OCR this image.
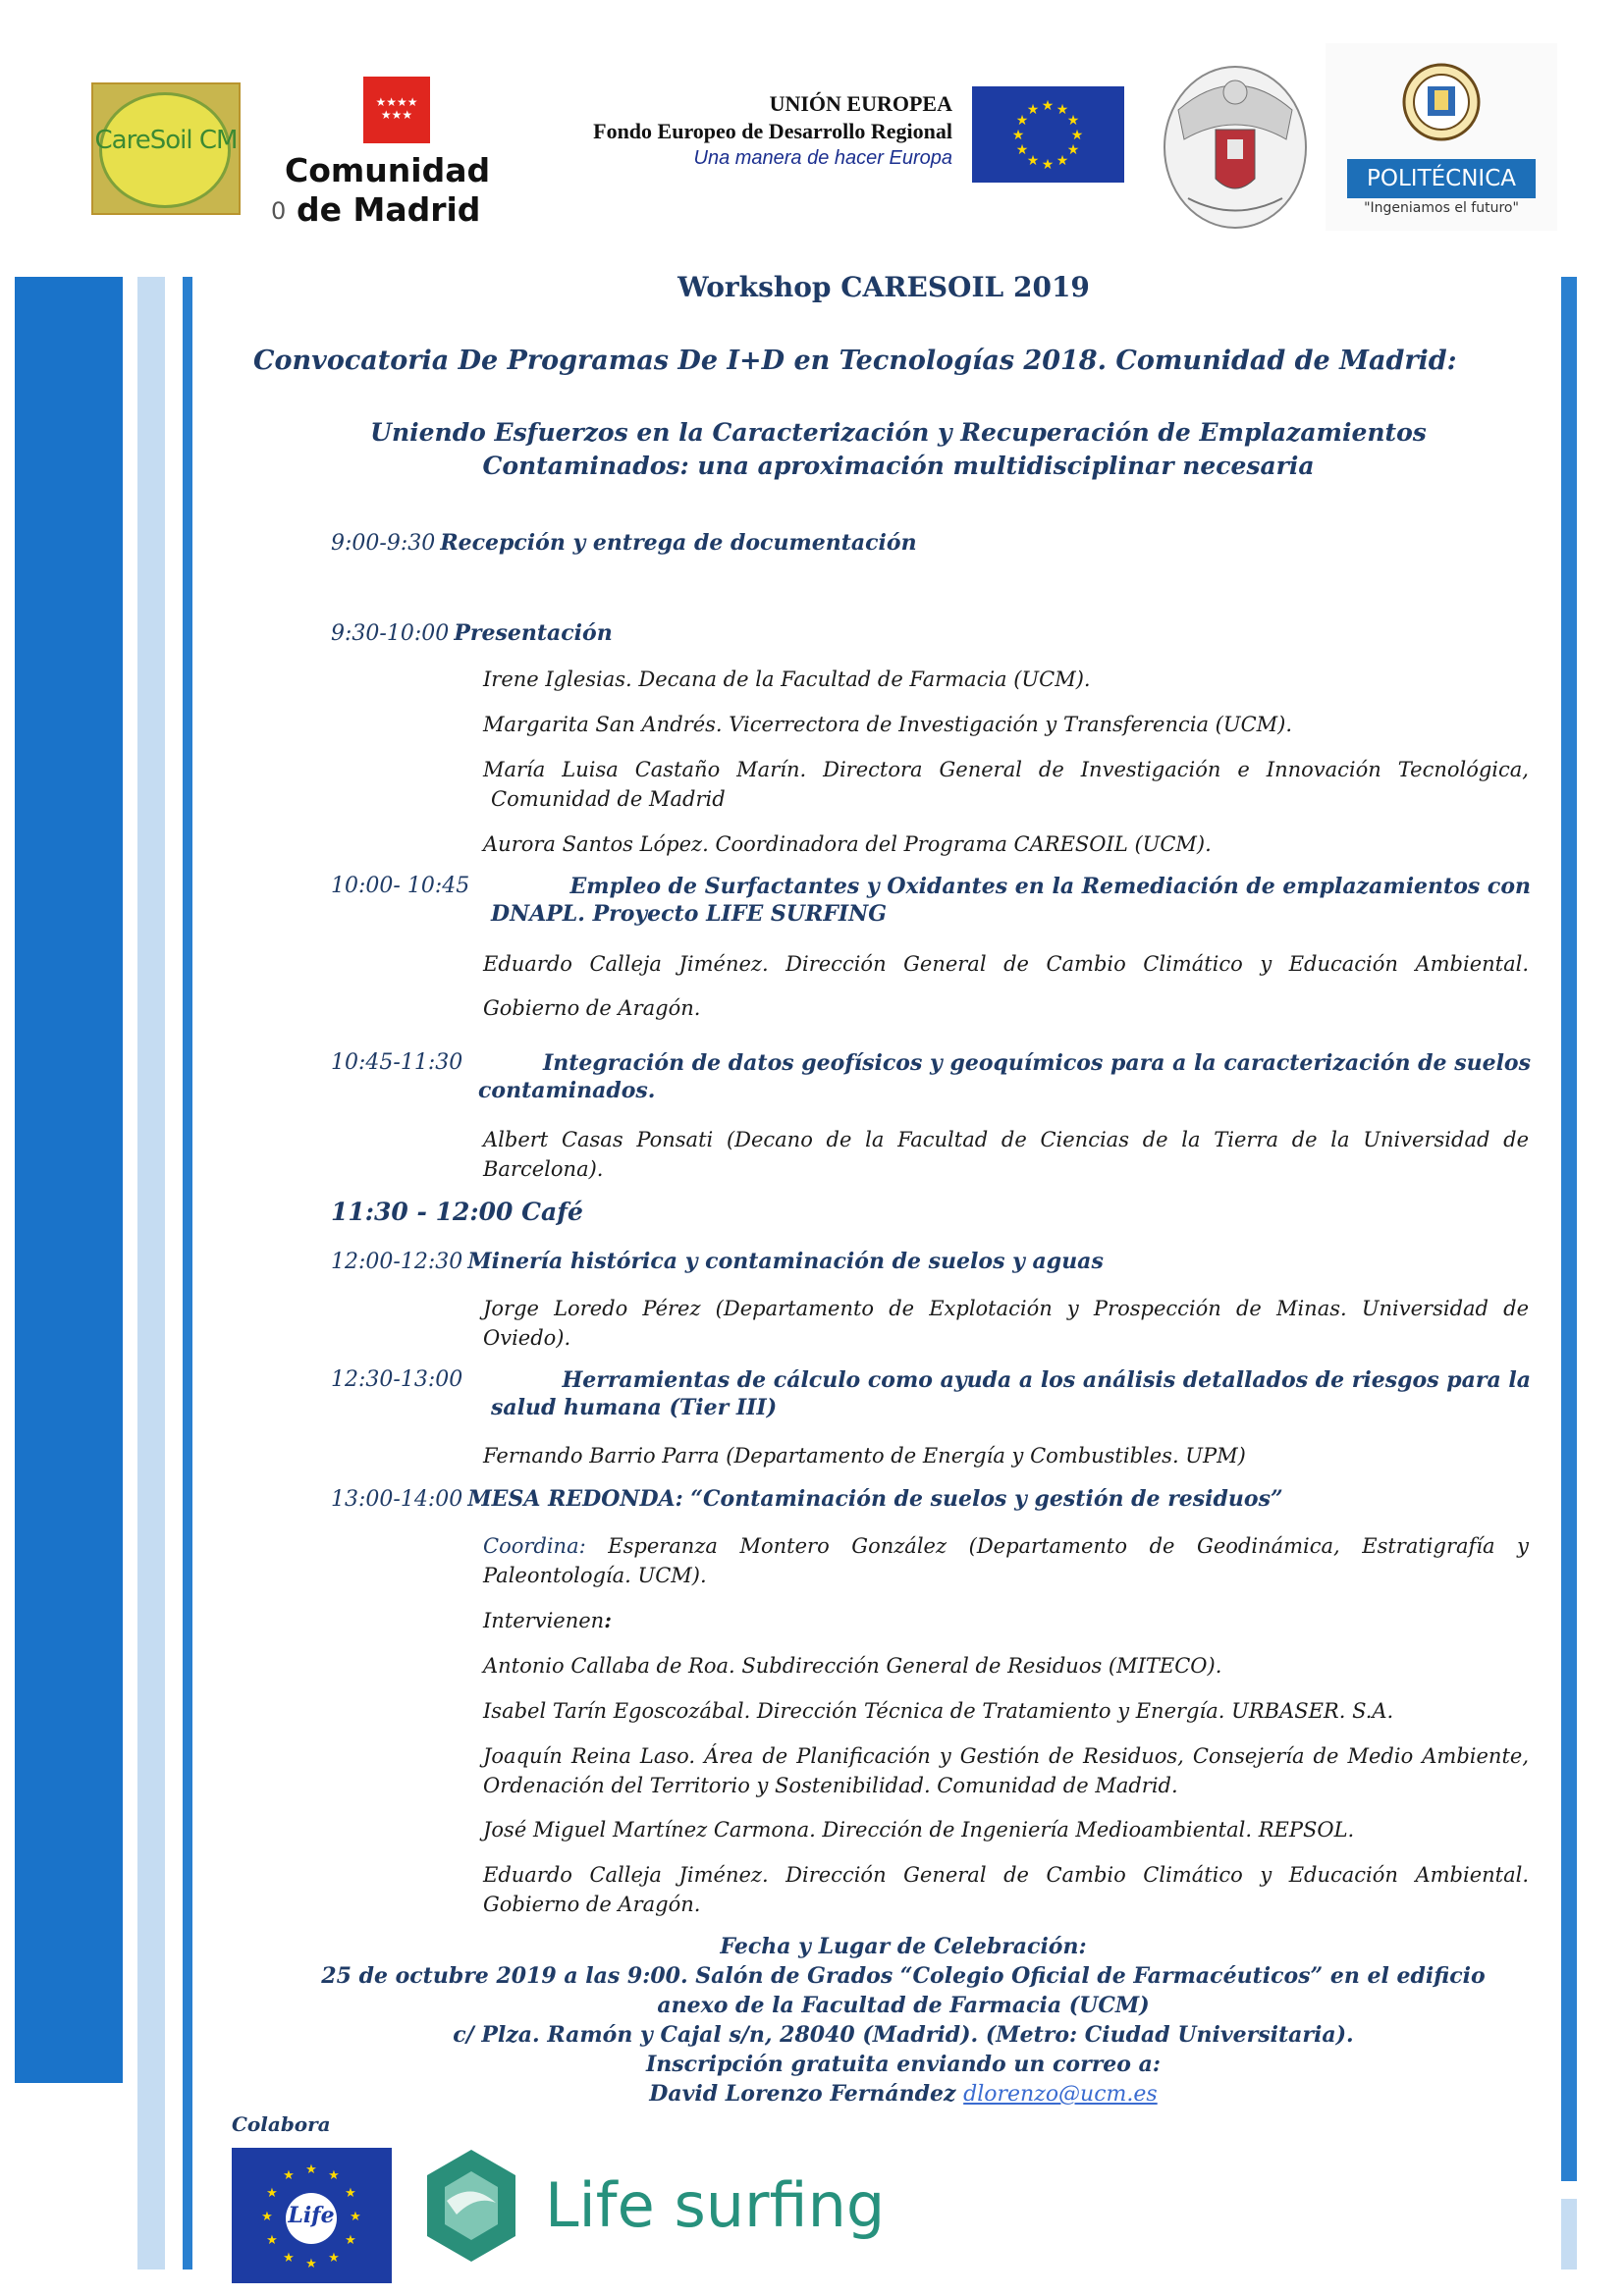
CareSoil CM
★★★★
★★★
Comunidad
de Madrid
0
UNIÓN EUROPEA
Fondo Europeo de Desarrollo Regional
Una manera de hacer Europa
★ ★
★
★
★
★
★
★
★
★
★
★
POLITÉCNICA
"Ingeniamos el futuro"
Workshop CARESOIL 2019
Convocatoria De Programas De I+D en Tecnologías 2018. Comunidad de Madrid:
Uniendo Esfuerzos en la Caracterización y Recuperación de Emplazamientos
Contaminados: una aproximación multidisciplinar necesaria
9:00-9:30 Recepción y entrega de documentación
9:30-10:00 Presentación
Irene Iglesias. Decana de la Facultad de Farmacia (UCM).
Margarita San Andrés. Vicerrectora de Investigación y Transferencia (UCM).
María Luisa Castaño Marín. Directora General de Investigación e Innovación Tecnológica,
Comunidad de Madrid
Aurora Santos López. Coordinadora del Programa CARESOIL (UCM).
10:00- 10:45	Empleo de Surfactantes y Oxidantes en la Remediación de emplazamientos con
DNAPL. Proyecto LIFE SURFING
Eduardo Calleja Jiménez. Dirección General de Cambio Climático y Educación Ambiental.
Gobierno de Aragón.
10:45-11:30	Integración de datos geofísicos y geoquímicos para a la caracterización de suelos
contaminados.
Albert Casas Ponsati (Decano de la Facultad de Ciencias de la Tierra de la Universidad de
Barcelona).
11:30 - 12:00 Café
12:00-12:30 Minería histórica y contaminación de suelos y aguas
Jorge Loredo Pérez (Departamento de Explotación y Prospección de Minas. Universidad de
Oviedo).
12:30-13:00	Herramientas de cálculo como ayuda a los análisis detallados de riesgos para la
salud humana (Tier III)
Fernando Barrio Parra (Departamento de Energía y Combustibles. UPM)
13:00-14:00 MESA REDONDA: “Contaminación de suelos y gestión de residuos”
Coordina: Esperanza Montero González (Departamento de Geodinámica, Estratigrafía y
Paleontología. UCM).
Intervienen:
Antonio Callaba de Roa. Subdirección General de Residuos (MITECO).
Isabel Tarín Egoscozábal. Dirección Técnica de Tratamiento y Energía. URBASER. S.A.
Joaquín Reina Laso. Área de Planificación y Gestión de Residuos, Consejería de Medio Ambiente,
Ordenación del Territorio y Sostenibilidad. Comunidad de Madrid.
José Miguel Martínez Carmona. Dirección de Ingeniería Medioambiental. REPSOL.
Eduardo Calleja Jiménez. Dirección General de Cambio Climático y Educación Ambiental.
Gobierno de Aragón.
Fecha y Lugar de Celebración:
25 de octubre 2019 a las 9:00. Salón de Grados “Colegio Oficial de Farmacéuticos” en el edificio
anexo de la Facultad de Farmacia (UCM)
c/ Plza. Ramón y Cajal s/n, 28040 (Madrid). (Metro: Ciudad Universitaria).
Inscripción gratuita enviando un correo a:
David Lorenzo Fernández dlorenzo@ucm.es
Colabora
★ ★
★
★
★
★
★
★
★
★
★
★
Life	Life surfing
